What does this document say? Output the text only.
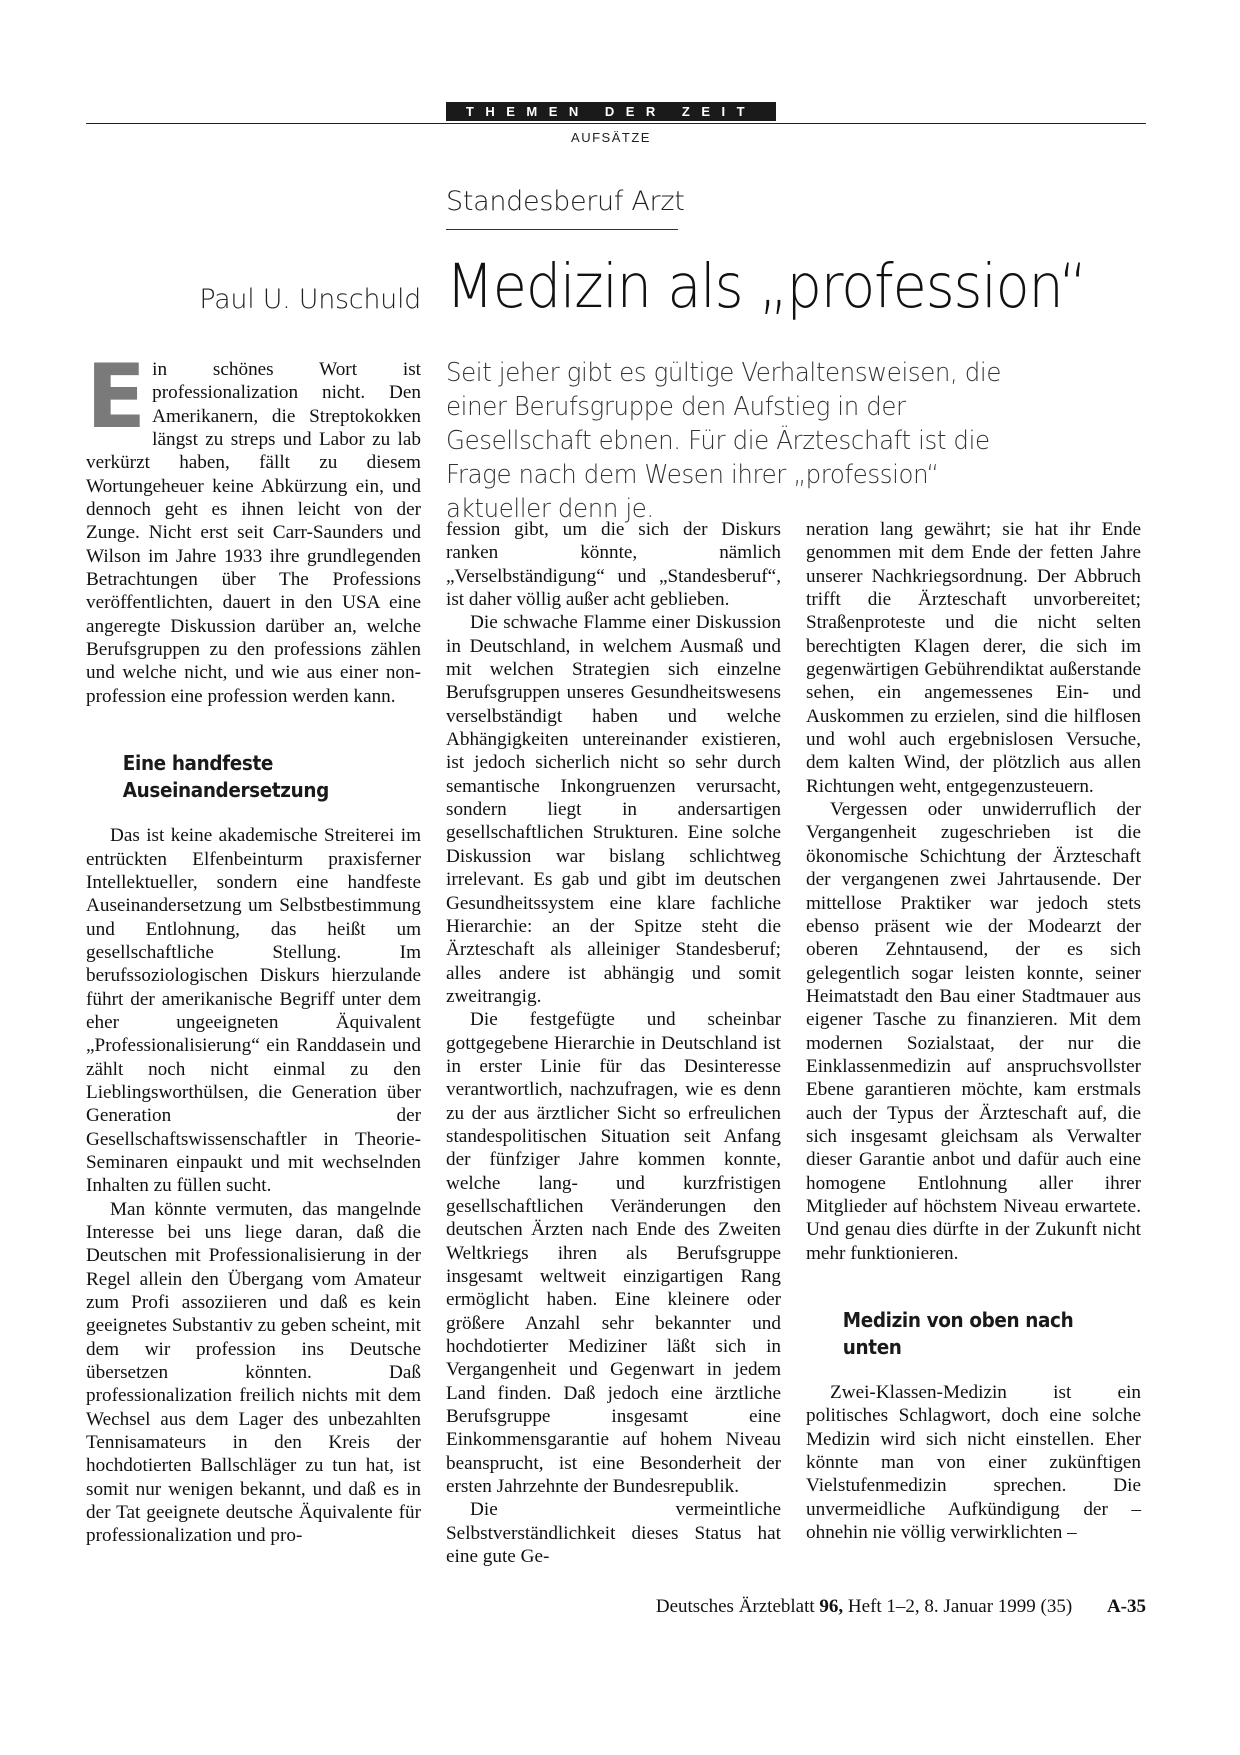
THEMEN DER ZEIT
AUFSÄTZE
Standesberuf Arzt
Paul U. Unschuld Medizin als „profession“
Seit jeher gibt es gültige Verhaltensweisen, die einer Berufsgruppe den Aufstieg in der Gesellschaft ebnen. Für die Ärzteschaft ist die Frage nach dem Wesen ihrer „profession“ aktueller denn je.

Ein schönes Wort ist professionalization nicht. Den Amerikanern, die Streptokokken längst zu streps und Labor zu lab verkürzt haben, fällt zu diesem Wortungeheuer keine Abkürzung ein, und dennoch geht es ihnen leicht von der Zunge. Nicht erst seit Carr-Saunders und Wilson im Jahre 1933 ihre grundlegenden Betrachtungen über The Professions veröffentlichten, dauert in den USA eine angeregte Diskussion darüber an, welche Berufsgruppen zu den professions zählen und welche nicht, und wie aus einer non-profession eine profession werden kann.

Eine handfeste Auseinandersetzung

Das ist keine akademische Streiterei im entrückten Elfenbeinturm praxisferner Intellektueller, sondern eine handfeste Auseinandersetzung um Selbstbestimmung und Entlohnung, das heißt um gesellschaftliche Stellung. Im berufssoziologischen Diskurs hierzulande führt der amerikanische Begriff unter dem eher ungeeigneten Äquivalent „Professionalisierung“ ein Randdasein und zählt noch nicht einmal zu den Lieblingsworthülsen, die Generation über Generation der Gesellschaftswissenschaftler in Theorie-Seminaren einpaukt und mit wechselnden Inhalten zu füllen sucht.

Man könnte vermuten, das mangelnde Interesse bei uns liege daran, daß die Deutschen mit Professionalisierung in der Regel allein den Übergang vom Amateur zum Profi assoziieren und daß es kein geeignetes Substantiv zu geben scheint, mit dem wir profession ins Deutsche übersetzen könnten. Daß professionalization freilich nichts mit dem Wechsel aus dem Lager des unbezahlten Tennisamateurs in den Kreis der hochdotierten Ballschläger zu tun hat, ist somit nur wenigen bekannt, und daß es in der Tat geeignete deutsche Äquivalente für professionalization und pro-

fession gibt, um die sich der Diskurs ranken könnte, nämlich „Verselbständigung“ und „Standesberuf“, ist daher völlig außer acht geblieben.

Die schwache Flamme einer Diskussion in Deutschland, in welchem Ausmaß und mit welchen Strategien sich einzelne Berufsgruppen unseres Gesundheitswesens verselbständigt haben und welche Abhängigkeiten untereinander existieren, ist jedoch sicherlich nicht so sehr durch semantische Inkongruenzen verursacht, sondern liegt in andersartigen gesellschaftlichen Strukturen. Eine solche Diskussion war bislang schlichtweg irrelevant. Es gab und gibt im deutschen Gesundheitssystem eine klare fachliche Hierarchie: an der Spitze steht die Ärzteschaft als alleiniger Standesberuf; alles andere ist abhängig und somit zweitrangig.

Die festgefügte und scheinbar gottgegebene Hierarchie in Deutschland ist in erster Linie für das Desinteresse verantwortlich, nachzufragen, wie es denn zu der aus ärztlicher Sicht so erfreulichen standespolitischen Situation seit Anfang der fünfziger Jahre kommen konnte, welche lang- und kurzfristigen gesellschaftlichen Veränderungen den deutschen Ärzten nach Ende des Zweiten Weltkriegs ihren als Berufsgruppe insgesamt weltweit einzigartigen Rang ermöglicht haben. Eine kleinere oder größere Anzahl sehr bekannter und hochdotierter Mediziner läßt sich in Vergangenheit und Gegenwart in jedem Land finden. Daß jedoch eine ärztliche Berufsgruppe insgesamt eine Einkommensgarantie auf hohem Niveau beansprucht, ist eine Besonderheit der ersten Jahrzehnte der Bundesrepublik.

Die vermeintliche Selbstverständlichkeit dieses Status hat eine gute Ge-

neration lang gewährt; sie hat ihr Ende genommen mit dem Ende der fetten Jahre unserer Nachkriegsordnung. Der Abbruch trifft die Ärzteschaft unvorbereitet; Straßenproteste und die nicht selten berechtigten Klagen derer, die sich im gegenwärtigen Gebührendiktat außerstande sehen, ein angemessenes Ein- und Auskommen zu erzielen, sind die hilflosen und wohl auch ergebnislosen Versuche, dem kalten Wind, der plötzlich aus allen Richtungen weht, entgegenzusteuern.

Vergessen oder unwiderruflich der Vergangenheit zugeschrieben ist die ökonomische Schichtung der Ärzteschaft der vergangenen zwei Jahrtausende. Der mittellose Praktiker war jedoch stets ebenso präsent wie der Modearzt der oberen Zehntausend, der es sich gelegentlich sogar leisten konnte, seiner Heimatstadt den Bau einer Stadtmauer aus eigener Tasche zu finanzieren. Mit dem modernen Sozialstaat, der nur die Einklassenmedizin auf anspruchsvollster Ebene garantieren möchte, kam erstmals auch der Typus der Ärzteschaft auf, die sich insgesamt gleichsam als Verwalter dieser Garantie anbot und dafür auch eine homogene Entlohnung aller ihrer Mitglieder auf höchstem Niveau erwartete. Und genau dies dürfte in der Zukunft nicht mehr funktionieren.

Medizin von oben nach unten

Zwei-Klassen-Medizin ist ein politisches Schlagwort, doch eine solche Medizin wird sich nicht einstellen. Eher könnte man von einer zukünftigen Vielstufenmedizin sprechen. Die unvermeidliche Aufkündigung der – ohnehin nie völlig verwirklichten –

Deutsches Ärzteblatt 96, Heft 1–2, 8. Januar 1999 (35) A-35
